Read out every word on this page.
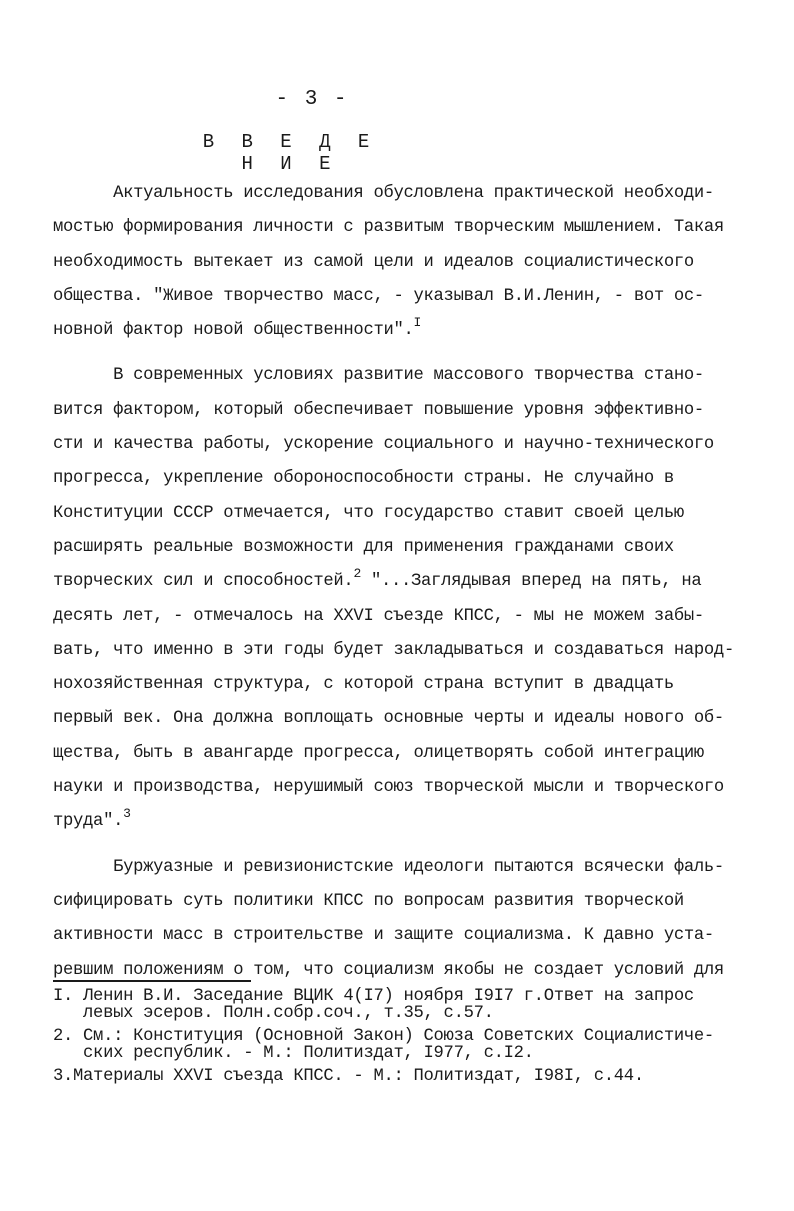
- 3 -
В В Е Д Е Н И Е
Актуальность исследования обусловлена практической необходи-
мостью формирования личности с развитым творческим мышлением. Такая
необходимость вытекает из самой цели и идеалов социалистического
общества. "Живое творчество масс, - указывал В.И.Ленин, - вот ос-
новной фактор новой общественности".$^I$
В современных условиях развитие массового творчества стано-
вится фактором, который обеспечивает повышение уровня эффективно-
сти и качества работы, ускорение социального и научно-технического
прогресса, укрепление обороноспособности страны. Не случайно в
Конституции СССР отмечается, что государство ставит своей целью
расширять реальные возможности для применения гражданами своих
творческих сил и способностей.$^2$ "...Заглядывая вперед на пять, на
десять лет, - отмечалось на ХХVI съезде КПСС, - мы не можем забы-
вать, что именно в эти годы будет закладываться и создаваться народ-
нохозяйственная структура, с которой страна вступит в двадцать
первый век. Она должна воплощать основные черты и идеалы нового об-
щества, быть в авангарде прогресса, олицетворять собой интеграцию
науки и производства, нерушимый союз творческой мысли и творческого
труда".$^3$
Буржуазные и ревизионистские идеологи пытаются всячески фаль-
сифицировать суть политики КПСС по вопросам развития творческой
активности масс в строительстве и защите социализма. К давно уста-
ревшим положениям о том, что социализм якобы не создает условий для
I. Ленин В.И. Заседание ВЦИК 4(I7) ноября I9I7 г.Ответ на запрос
левых эсеров. Полн.собр.соч., т.35, с.57.
2. См.: Конституция (Основной Закон) Союза Советских Социалистиче-
ских республик. - М.: Политиздат, I977, с.I2.
3.Материалы ХХVI съезда КПСС. - М.: Политиздат, I98I, с.44.
